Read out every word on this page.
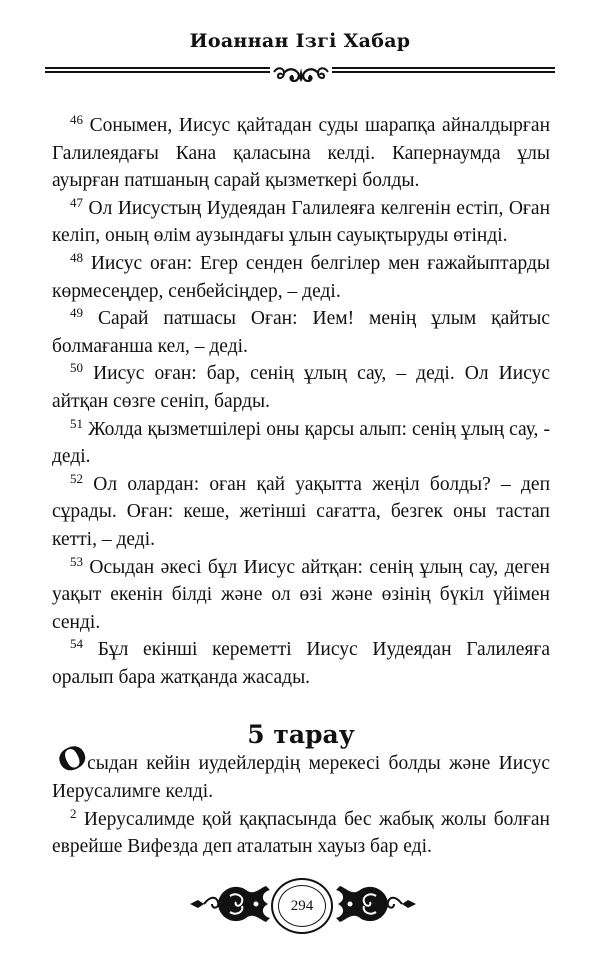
Иоаннан Ізгі Хабар

$^{46}$ Сонымен, Иисус қайтадан суды шарапқа айналдырған Галилеядағы Кана қаласына келді. Капернаумда ұлы ауырған патшаның сарай қызметкері болды.

$^{47}$ Ол Иисустың Иудеядан Галилеяға келгенін естіп, Оған келіп, оның өлім аузындағы ұлын сауықтыруды өтінді.

$^{48}$ Иисус оған: Егер сенден белгілер мен ғажайыптарды көрмесеңдер, сенбейсіңдер, – деді.

$^{49}$ Сарай патшасы Оған: Ием! менің ұлым қайтыс болмағанша кел, – деді.

$^{50}$ Иисус оған: бар, сенің ұлың сау, – деді. Ол Иисус айтқан сөзге сеніп, барды.

$^{51}$ Жолда қызметшілері оны қарсы алып: сенің ұлың сау, - деді.

$^{52}$ Ол олардан: оған қай уақытта жеңіл болды? – деп сұрады. Оған: кеше, жетінші сағатта, безгек оны тастап кетті, – деді.

$^{53}$ Осыдан әкесі бұл Иисус айтқан: сенің ұлың сау, деген уақыт екенін білді және ол өзі және өзінің бүкіл үйімен сенді.

$^{54}$ Бұл екінші кереметті Иисус Иудеядан Галилеяға оралып бара жатқанда жасады.

5 тарау

Осыдан кейін иудейлердің мерекесі болды және Иисус Иерусалимге келді.

$^2$ Иерусалимде қой қақпасында бес жабық жолы болған еврейше Вифезда деп аталатын хауыз бар еді.

294
